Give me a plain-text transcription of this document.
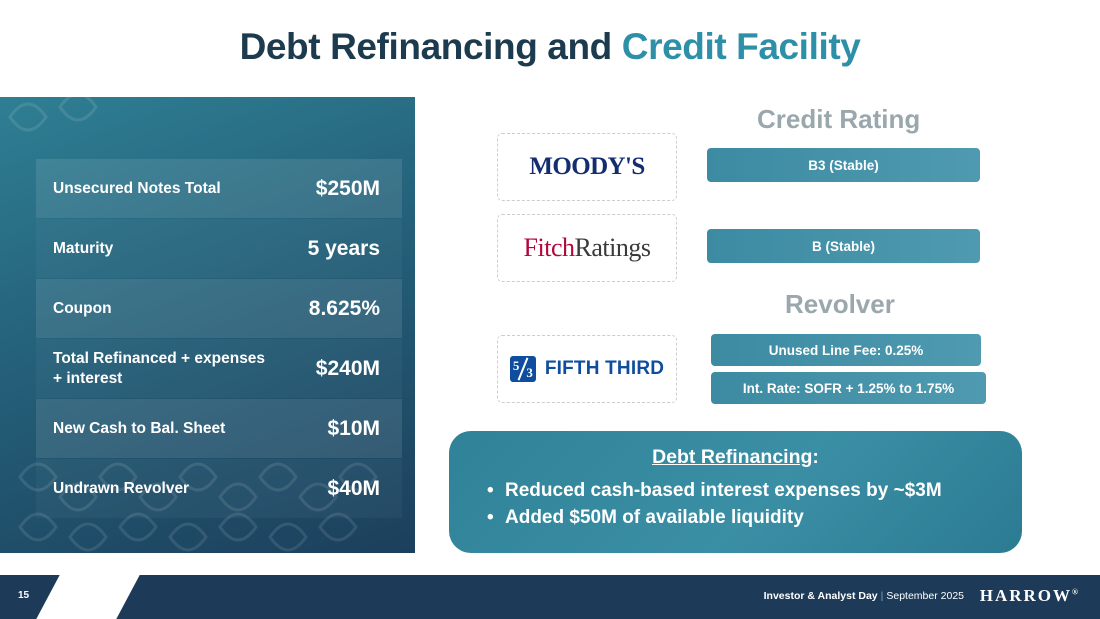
Debt Refinancing and Credit Facility
Unsecured Notes Total	$250M
Maturity	5 years
Coupon	8.625%
Total Refinanced + expenses + interest	$240M
New Cash to Bal. Sheet	$10M
Undrawn Revolver	$40M
Credit Rating
MOODY'S	B3 (Stable)
FitchRatings	B (Stable)
Revolver
5
3
FIFTH THIRD
Unused Line Fee: 0.25%
Int. Rate: SOFR + 1.25% to 1.75%
Debt Refinancing:
• Reduced cash-based interest expenses by ~$3M
• Added $50M of available liquidity
15	Investor & Analyst Day | September 2025 HARROW®
